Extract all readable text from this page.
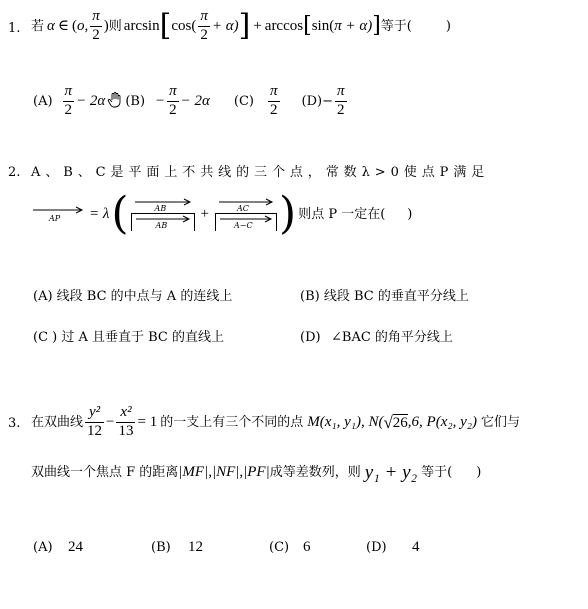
1. 若 α ∈ ( o , $\frac{\pi}{2}$ ) 则 arcsin [ $\cos( \frac{\pi}{2} + \alpha)$ ] + arccos [ sin( π + α) ] 等于(	)
$(A) \frac{\pi}{2} - 2\alpha$ $(B) - \frac{\pi}{2} - 2\alpha$ $(C) \frac{\pi}{2} (D)- \frac{\pi}{2}$
2. A 、 B 、 C 是 平 面 上 不 共 线 的 三 个 点 ， 常 数 λ > 0 使 点 P 满 足
AP = λ ( $\frac{AB}{AB} + \frac{AC}{A-C}$ ) 则点 P 一定在( )
(A) 线段 BC 的中点与 A 的连线上	(B) 线段 BC 的垂直平分线上
(C ) 过 A 且垂直于 BC 的直线上	(D) ∠BAC 的角平分线上
3. 在双曲线 $\frac{\text{y²}}{12} - \frac{\text{x²}}{13} = 1$ 的一支上有三个不同的点 M(x₁, y₁), N( √ 26 ,6, P(x₂, y₂) 它们与
双曲线一个焦点 F 的距离 |MF|,|NF|,|PF| 成等差数列，则 y₁ + y₂ 等于( )
(A) 24	(B) 12	(C) 6	(D) 4
